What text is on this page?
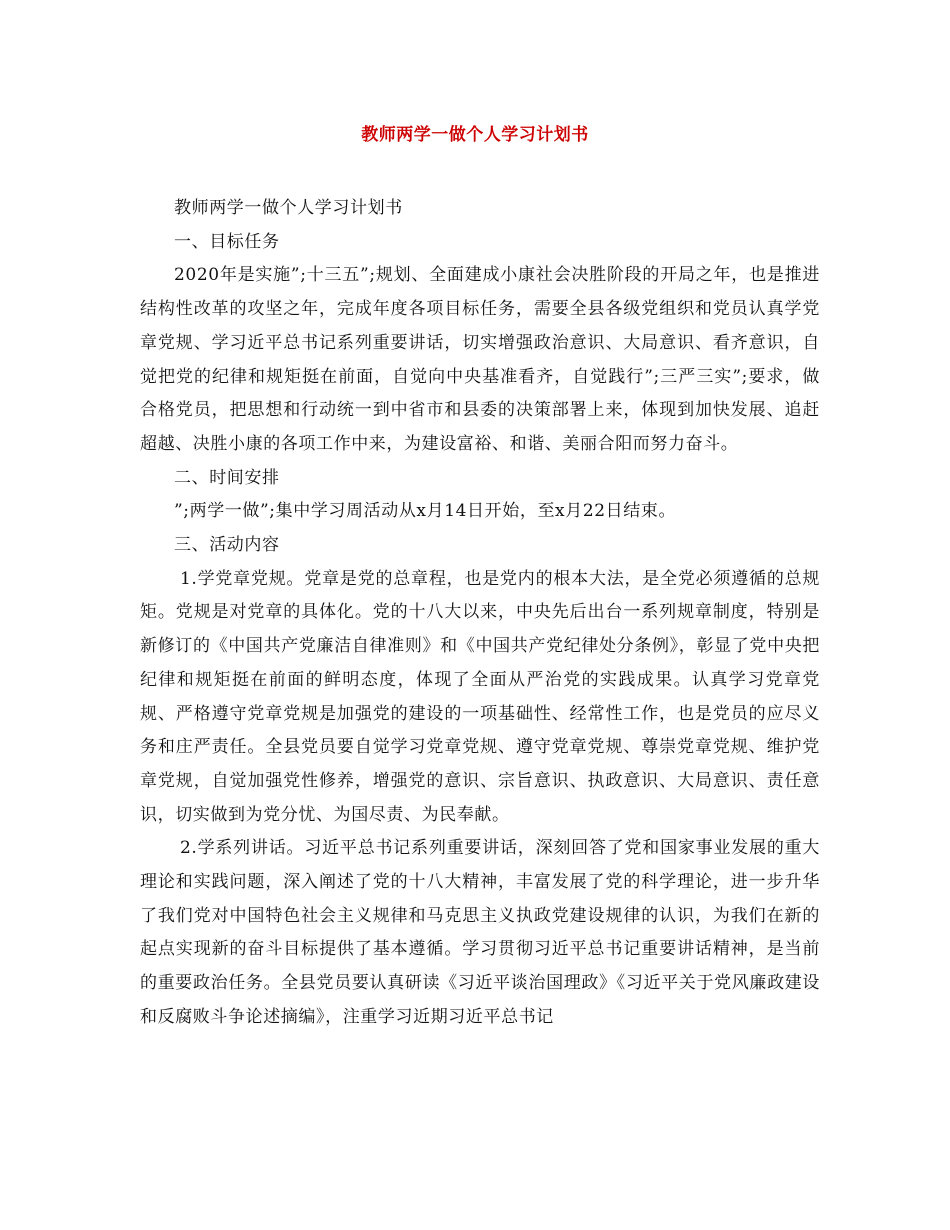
教师两学一做个人学习计划书

教师两学一做个人学习计划书

一、目标任务

2020年是实施”;十三五”;规划、全面建成小康社会决胜阶段的开局之年，也是推进结构性改革的攻坚之年，完成年度各项目标任务，需要全县各级党组织和党员认真学党章党规、学习近平总书记系列重要讲话，切实增强政治意识、大局意识、看齐意识，自觉把党的纪律和规矩挺在前面，自觉向中央基准看齐，自觉践行”;三严三实”;要求，做合格党员，把思想和行动统一到中省市和县委的决策部署上来，体现到加快发展、追赶超越、决胜小康的各项工作中来，为建设富裕、和谐、美丽合阳而努力奋斗。

二、时间安排

”;两学一做”;集中学习周活动从x月14日开始，至x月22日结束。

三、活动内容

1.学党章党规。党章是党的总章程，也是党内的根本大法，是全党必须遵循的总规矩。党规是对党章的具体化。党的十八大以来，中央先后出台一系列规章制度，特别是新修订的《中国共产党廉洁自律准则》和《中国共产党纪律处分条例》，彰显了党中央把纪律和规矩挺在前面的鲜明态度，体现了全面从严治党的实践成果。认真学习党章党规、严格遵守党章党规是加强党的建设的一项基础性、经常性工作，也是党员的应尽义务和庄严责任。全县党员要自觉学习党章党规、遵守党章党规、尊崇党章党规、维护党章党规，自觉加强党性修养，增强党的意识、宗旨意识、执政意识、大局意识、责任意识，切实做到为党分忧、为国尽责、为民奉献。

2.学系列讲话。习近平总书记系列重要讲话，深刻回答了党和国家事业发展的重大理论和实践问题，深入阐述了党的十八大精神，丰富发展了党的科学理论，进一步升华了我们党对中国特色社会主义规律和马克思主义执政党建设规律的认识，为我们在新的起点实现新的奋斗目标提供了基本遵循。学习贯彻习近平总书记重要讲话精神，是当前的重要政治任务。全县党员要认真研读《习近平谈治国理政》《习近平关于党风廉政建设和反腐败斗争论述摘编》，注重学习近期习近平总书记
